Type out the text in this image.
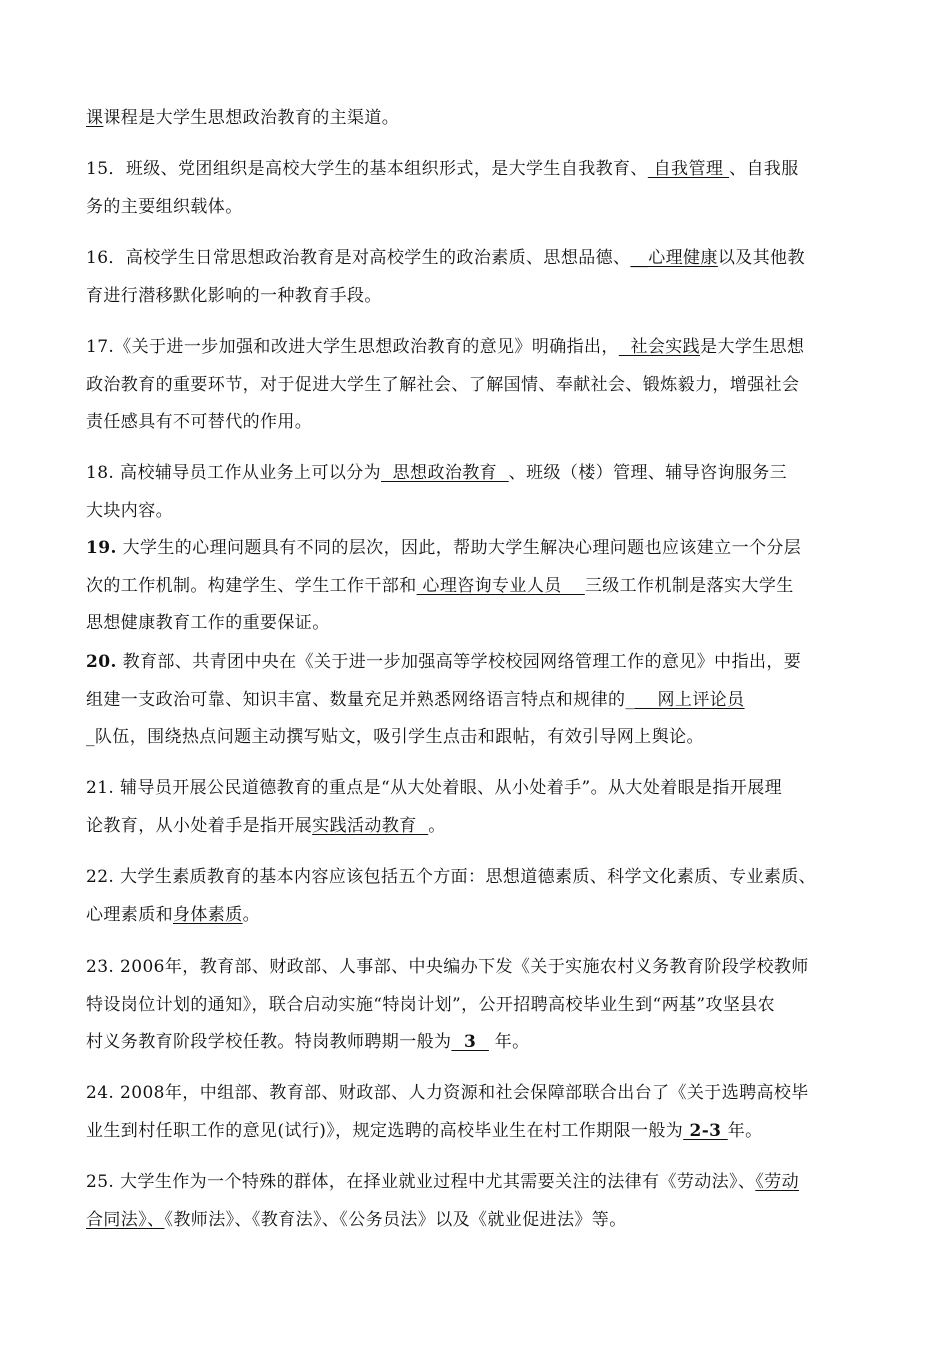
课课程是大学生思想政治教育的主渠道。

15．班级、党团组织是高校大学生的基本组织形式，是大学生自我教育、 自我管理 、自我服
务的主要组织载体。

16．高校学生日常思想政治教育是对高校学生的政治素质、思想品德、__心理健康以及其他教
育进行潜移默化影响的一种教育手段。

17.《关于进一步加强和改进大学生思想政治教育的意见》明确指出，  社会实践是大学生思想
政治教育的重要环节，对于促进大学生了解社会、了解国情、奉献社会、锻炼毅力，增强社会
责任感具有不可替代的作用。

18. 高校辅导员工作从业务上可以分为  思想政治教育  、班级（楼）管理、辅导咨询服务三
大块内容。

19. 大学生的心理问题具有不同的层次，因此，帮助大学生解决心理问题也应该建立一个分层
次的工作机制。构建学生、学生工作干部和 心理咨询专业人员    三级工作机制是落实大学生
思想健康教育工作的重要保证。

20. 教育部、共青团中央在《关于进一步加强高等学校校园网络管理工作的意见》中指出，要
组建一支政治可靠、知识丰富、数量充足并熟悉网络语言特点和规律的_    网上评论员
_队伍，围绕热点问题主动撰写贴文，吸引学生点击和跟帖，有效引导网上舆论。

21. 辅导员开展公民道德教育的重点是“从大处着眼、从小处着手”。从大处着眼是指开展理
论教育，从小处着手是指开展实践活动教育  。

22. 大学生素质教育的基本内容应该包括五个方面：思想道德素质、科学文化素质、专业素质、
心理素质和身体素质。

23. 2006年，教育部、财政部、人事部、中央编办下发《关于实施农村义务教育阶段学校教师
特设岗位计划的通知》，联合启动实施“特岗计划”，公开招聘高校毕业生到“两基”攻坚县农
村义务教育阶段学校任教。特岗教师聘期一般为  3   年。

24. 2008年，中组部、教育部、财政部、人力资源和社会保障部联合出台了《关于选聘高校毕
业生到村任职工作的意见(试行)》，规定选聘的高校毕业生在村工作期限一般为 2-3 年。

25. 大学生作为一个特殊的群体，在择业就业过程中尤其需要关注的法律有《劳动法》、《劳动
合同法》、《教师法》、《教育法》、《公务员法》以及《就业促进法》等。
